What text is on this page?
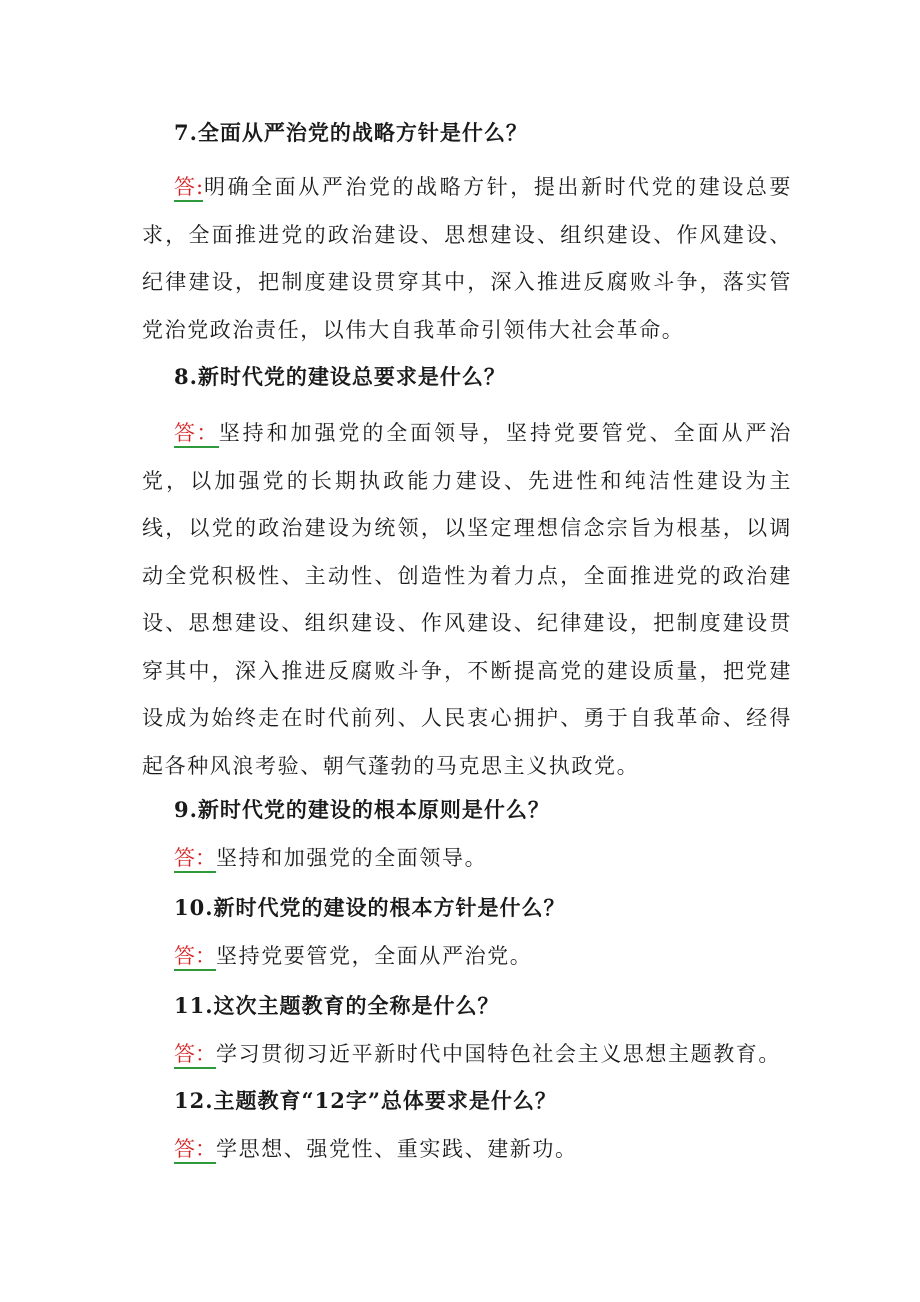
7.全面从严治党的战略方针是什么？
答:明确全面从严治党的战略方针，提出新时代党的建设总要求，全面推进党的政治建设、思想建设、组织建设、作风建设、纪律建设，把制度建设贯穿其中，深入推进反腐败斗争，落实管党治党政治责任，以伟大自我革命引领伟大社会革命。
8.新时代党的建设总要求是什么？
答：坚持和加强党的全面领导，坚持党要管党、全面从严治党，以加强党的长期执政能力建设、先进性和纯洁性建设为主线，以党的政治建设为统领，以坚定理想信念宗旨为根基，以调动全党积极性、主动性、创造性为着力点，全面推进党的政治建设、思想建设、组织建设、作风建设、纪律建设，把制度建设贯穿其中，深入推进反腐败斗争，不断提高党的建设质量，把党建设成为始终走在时代前列、人民衷心拥护、勇于自我革命、经得起各种风浪考验、朝气蓬勃的马克思主义执政党。
9.新时代党的建设的根本原则是什么？
答：坚持和加强党的全面领导。
10.新时代党的建设的根本方针是什么？
答：坚持党要管党，全面从严治党。
11.这次主题教育的全称是什么？
答：学习贯彻习近平新时代中国特色社会主义思想主题教育。
12.主题教育“12字”总体要求是什么？
答：学思想、强党性、重实践、建新功。
